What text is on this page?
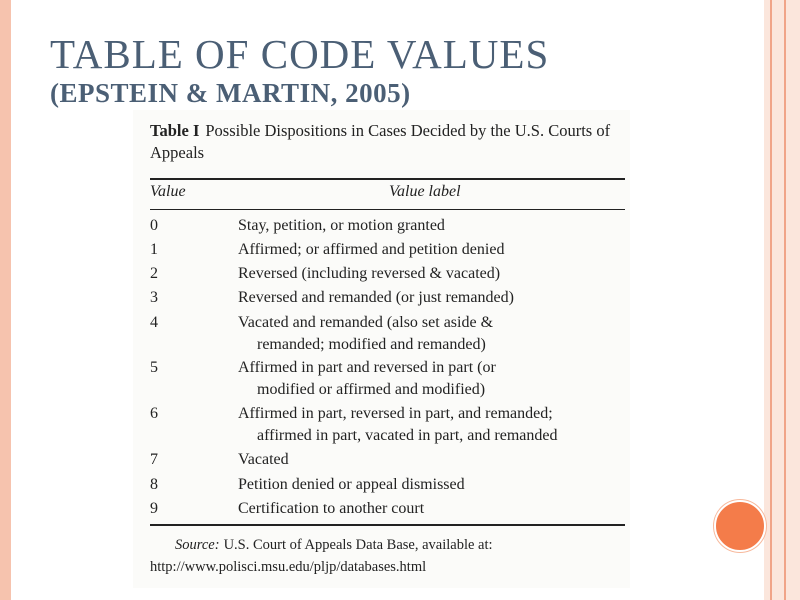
TABLE OF CODE VALUES
(EPSTEIN & MARTIN, 2005)
Table I Possible Dispositions in Cases Decided by the U.S. Courts of Appeals
Value	Value label
0	Stay, petition, or motion granted
1	Affirmed; or affirmed and petition denied
2	Reversed (including reversed & vacated)
3	Reversed and remanded (or just remanded)
4	Vacated and remanded (also set aside &
remanded; modified and remanded)
5	Affirmed in part and reversed in part (or
modified or affirmed and modified)
6	Affirmed in part, reversed in part, and remanded;
affirmed in part, vacated in part, and remanded
7	Vacated
8	Petition denied or appeal dismissed
9	Certification to another court
Source: U.S. Court of Appeals Data Base, available at: http://www.polisci.msu.edu/pljp/databases.html
